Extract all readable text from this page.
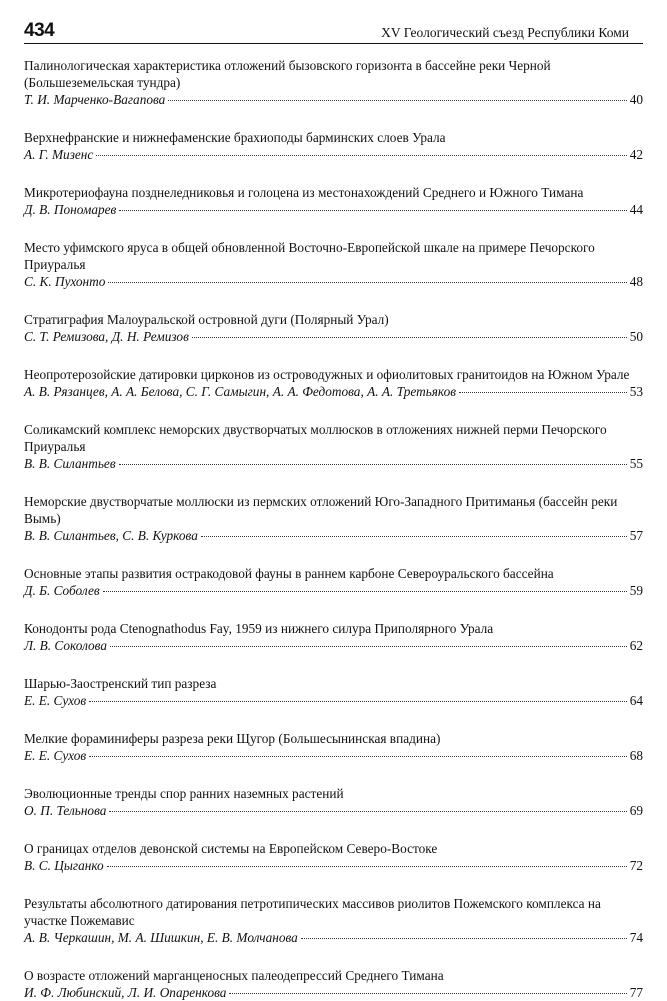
434	XV Геологический съезд Республики Коми
Палинологическая характеристика отложений бызовского горизонта в бассейне реки Черной (Большеземельская тундра)
Т. И. Марченко-Вагапова	40
Верхнефранские и нижнефаменские брахиоподы барминских слоев Урала
А. Г. Мизенс	42
Микротериофауна позднеледниковья и голоцена из местонахождений Среднего и Южного Тимана
Д. В. Пономарев	44
Место уфимского яруса в общей обновленной Восточно-Европейской шкале на примере Печорского Приуралья
С. К. Пухонто	48
Стратиграфия Малоуральской островной дуги (Полярный Урал)
С. Т. Ремизова, Д. Н. Ремизов	50
Неопротерозойские датировки цирконов из островодужных и офиолитовых гранитоидов на Южном Урале
А. В. Рязанцев, А. А. Белова, С. Г. Самыгин, А. А. Федотова, А. А. Третьяков	53
Соликамский комплекс неморских двустворчатых моллюсков в отложениях нижней перми Печорского Приуралья
В. В. Силантьев	55
Неморские двустворчатые моллюски из пермских отложений Юго-Западного Притиманья (бассейн реки Вымь)
В. В. Силантьев, С. В. Куркова	57
Основные этапы развития остракодовой фауны в раннем карбоне Североуральского бассейна
Д. Б. Соболев	59
Конодонты рода Ctenognathodus Fay, 1959 из нижнего силура Приполярного Урала
Л. В. Соколова	62
Шарью-Заостренский тип разреза
Е. Е. Сухов	64
Мелкие фораминиферы разреза реки Щугор (Большесынинская впадина)
Е. Е. Сухов	68
Эволюционные тренды спор ранних наземных растений
О. П. Тельнова	69
О границах отделов девонской системы на Европейском Северо-Востоке
В. С. Цыганко	72
Результаты абсолютного датирования петротипических массивов риолитов Пожемского комплекса на участке Пожемавис
А. В. Черкашин, М. А. Шишкин, Е. В. Молчанова	74
О возрасте отложений марганценосных палеодепрессий Среднего Тимана
И. Ф. Любинский, Л. И. Опаренкова	77
